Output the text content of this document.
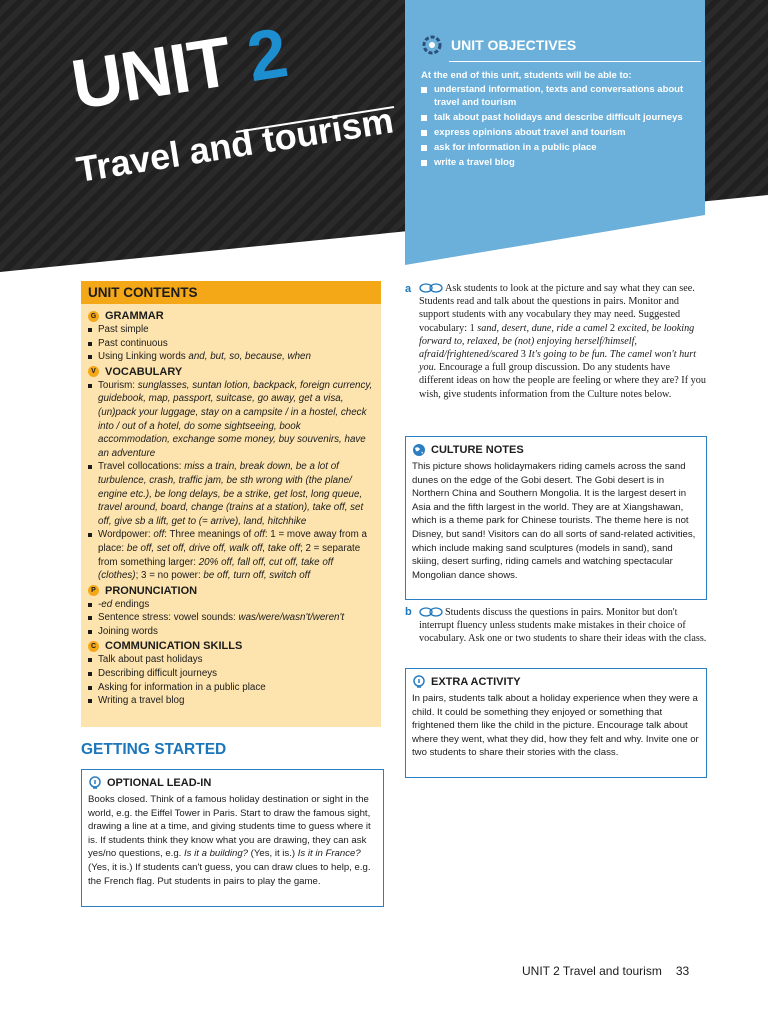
UNIT 2
Travel and tourism
UNIT OBJECTIVES
At the end of this unit, students will be able to:
understand information, texts and conversations about travel and tourism
talk about past holidays and describe difficult journeys
express opinions about travel and tourism
ask for information in a public place
write a travel blog
UNIT CONTENTS
G GRAMMAR
Past simple
Past continuous
Using Linking words and, but, so, because, when
V VOCABULARY
Tourism: sunglasses, suntan lotion, backpack, foreign currency, guidebook, map, passport, suitcase, go away, get a visa, (un)pack your luggage, stay on a campsite / in a hostel, check into / out of a hotel, do some sightseeing, book accommodation, exchange some money, buy souvenirs, have an adventure
Travel collocations: miss a train, break down, be a lot of turbulence, crash, traffic jam, be sth wrong with (the plane/ engine etc.), be long delays, be a strike, get lost, long queue, travel around, board, change (trains at a station), take off, set off, give sb a lift, get to (= arrive), land, hitchhike
Wordpower: off: Three meanings of off: 1 = move away from a place: be off, set off, drive off, walk off, take off; 2 = separate from something larger: 20% off, fall off, cut off, take off (clothes); 3 = no power: be off, turn off, switch off
P PRONUNCIATION
-ed endings
Sentence stress: vowel sounds: was/were/wasn't/weren't
Joining words
C COMMUNICATION SKILLS
Talk about past holidays
Describing difficult journeys
Asking for information in a public place
Writing a travel blog
GETTING STARTED
OPTIONAL LEAD-IN
Books closed. Think of a famous holiday destination or sight in the world, e.g. the Eiffel Tower in Paris. Start to draw the famous sight, drawing a line at a time, and giving students time to guess where it is. If students think they know what you are drawing, they can ask yes/no questions, e.g. Is it a building? (Yes, it is.) Is it in France? (Yes, it is.) If students can't guess, you can draw clues to help, e.g. the French flag. Put students in pairs to play the game.
a	Ask students to look at the picture and say what they can see. Students read and talk about the questions in pairs. Monitor and support students with any vocabulary they may need. Suggested vocabulary: 1 sand, desert, dune, ride a camel 2 excited, be looking forward to, relaxed, be (not) enjoying herself/himself, afraid/frightened/scared 3 It's going to be fun. The camel won't hurt you. Encourage a full group discussion. Do any students have different ideas on how the people are feeling or where they are? If you wish, give students information from the Culture notes below.
CULTURE NOTES
This picture shows holidaymakers riding camels across the sand dunes on the edge of the Gobi desert. The Gobi desert is in Northern China and Southern Mongolia. It is the largest desert in Asia and the fifth largest in the world. They are at Xiangshawan, which is a theme park for Chinese tourists. The theme here is not Disney, but sand! Visitors can do all sorts of sand-related activities, which include making sand sculptures (models in sand), sand skiing, desert surfing, riding camels and watching spectacular Mongolian dance shows.
b	Students discuss the questions in pairs. Monitor but don't interrupt fluency unless students make mistakes in their choice of vocabulary. Ask one or two students to share their ideas with the class.
EXTRA ACTIVITY
In pairs, students talk about a holiday experience when they were a child. It could be something they enjoyed or something that frightened them like the child in the picture. Encourage talk about where they went, what they did, how they felt and why. Invite one or two students to share their stories with the class.
UNIT 2 Travel and tourism 33
